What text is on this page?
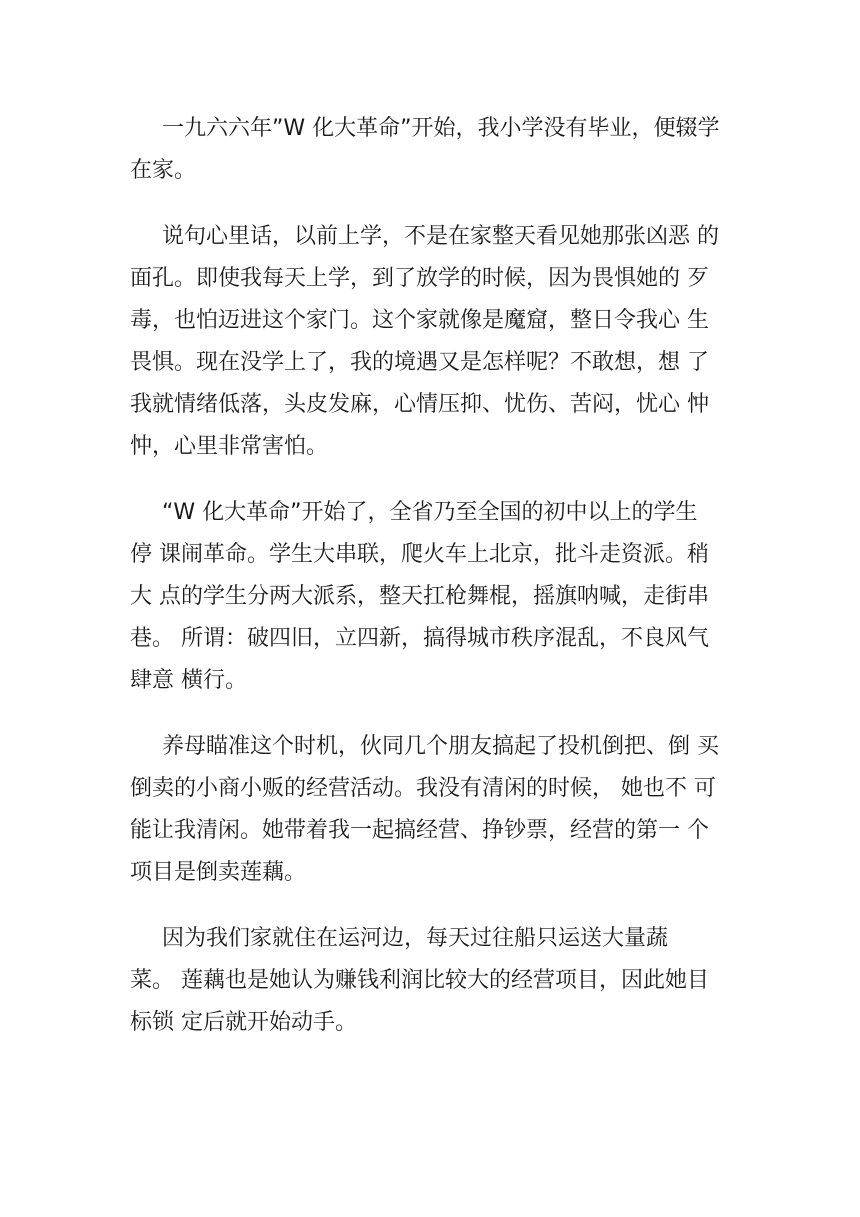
一九六六年”W 化大革命”开始，我小学没有毕业，便辍学
在家。

说句心里话，以前上学，不是在家整天看见她那张凶恶 的
面孔。即使我每天上学，到了放学的时候，因为畏惧她的 歹
毒，也怕迈进这个家门。这个家就像是魔窟，整日令我心 生
畏惧。现在没学上了，我的境遇又是怎样呢？不敢想，想 了
我就情绪低落，头皮发麻，心情压抑、忧伤、苦闷，忧心 忡
忡，心里非常害怕。

“W 化大革命”开始了，全省乃至全国的初中以上的学生
停 课闹革命。学生大串联，爬火车上北京，批斗走资派。稍
大 点的学生分两大派系，整天扛枪舞棍，摇旗呐喊，走街串
巷。 所谓：破四旧，立四新，搞得城市秩序混乱，不良风气
肆意 横行。

养母瞄准这个时机，伙同几个朋友搞起了投机倒把、倒 买
倒卖的小商小贩的经营活动。我没有清闲的时候， 她也不 可
能让我清闲。她带着我一起搞经营、挣钞票，经营的第一 个
项目是倒卖莲藕。

因为我们家就住在运河边，每天过往船只运送大量蔬
菜。 莲藕也是她认为赚钱利润比较大的经营项目，因此她目
标锁 定后就开始动手。
